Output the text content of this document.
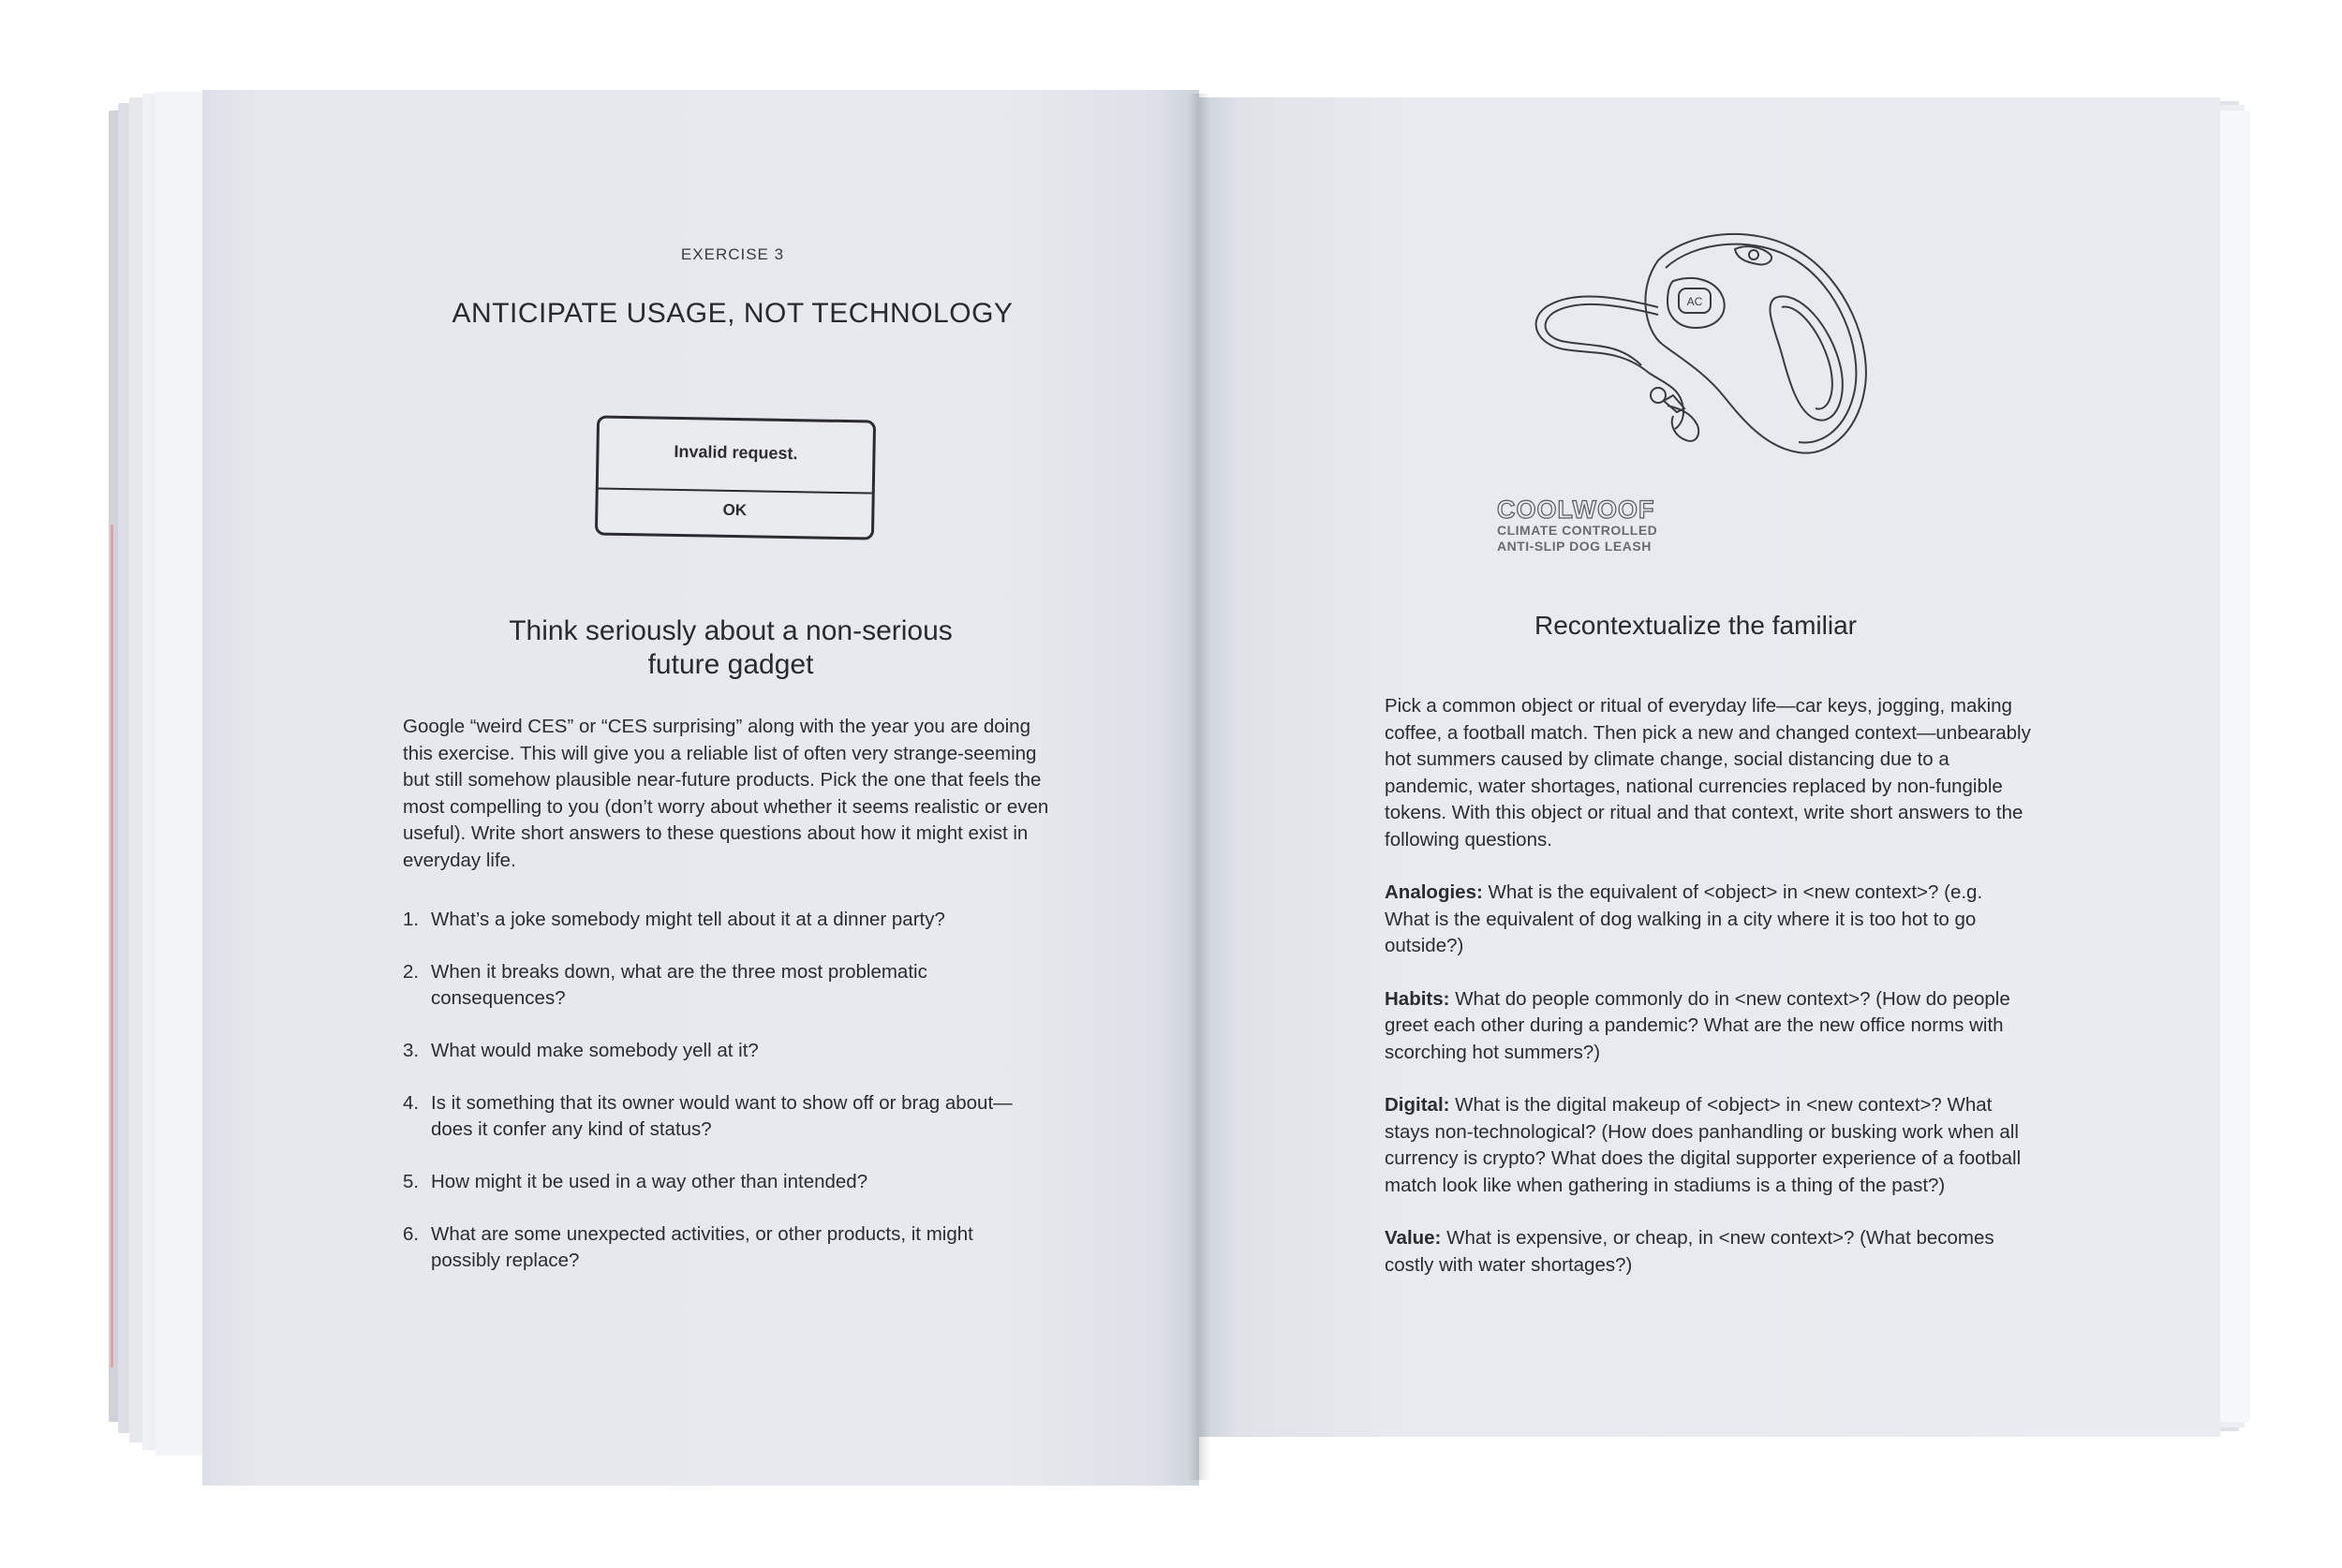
EXERCISE 3
ANTICIPATE USAGE, NOT TECHNOLOGY
Invalid request.
OK
Think seriously about a non-serious
future gadget
Google “weird CES” or “CES surprising” along with the year you are doing this exercise. This will give you a reliable list of often very strange-seeming but still somehow plausible near-future products. Pick the one that feels the most compelling to you (don’t worry about whether it seems realistic or even useful). Write short answers to these questions about how it might exist in everyday life.
1. What’s a joke somebody might tell about it at a dinner party?
2. When it breaks down, what are the three most problematic consequences?
3. What would make somebody yell at it?
4. Is it something that its owner would want to show off or brag about—does it confer any kind of status?
5. How might it be used in a way other than intended?
6. What are some unexpected activities, or other products, it might possibly replace?
AC
COOLWOOF
CLIMATE CONTROLLED
ANTI-SLIP DOG LEASH
Recontextualize the familiar
Pick a common object or ritual of everyday life—car keys, jogging, making coffee, a football match. Then pick a new and changed context—unbearably hot summers caused by climate change, social distancing due to a pandemic, water shortages, national currencies replaced by non-fungible tokens. With this object or ritual and that context, write short answers to the following questions.
Analogies: What is the equivalent of <object> in <new context>? (e.g. What is the equivalent of dog walking in a city where it is too hot to go outside?)
Habits: What do people commonly do in <new context>? (How do people greet each other during a pandemic? What are the new office norms with scorching hot summers?)
Digital: What is the digital makeup of <object> in <new context>? What stays non-technological? (How does panhandling or busking work when all currency is crypto? What does the digital supporter experience of a football match look like when gathering in stadiums is a thing of the past?)
Value: What is expensive, or cheap, in <new context>? (What becomes costly with water shortages?)
